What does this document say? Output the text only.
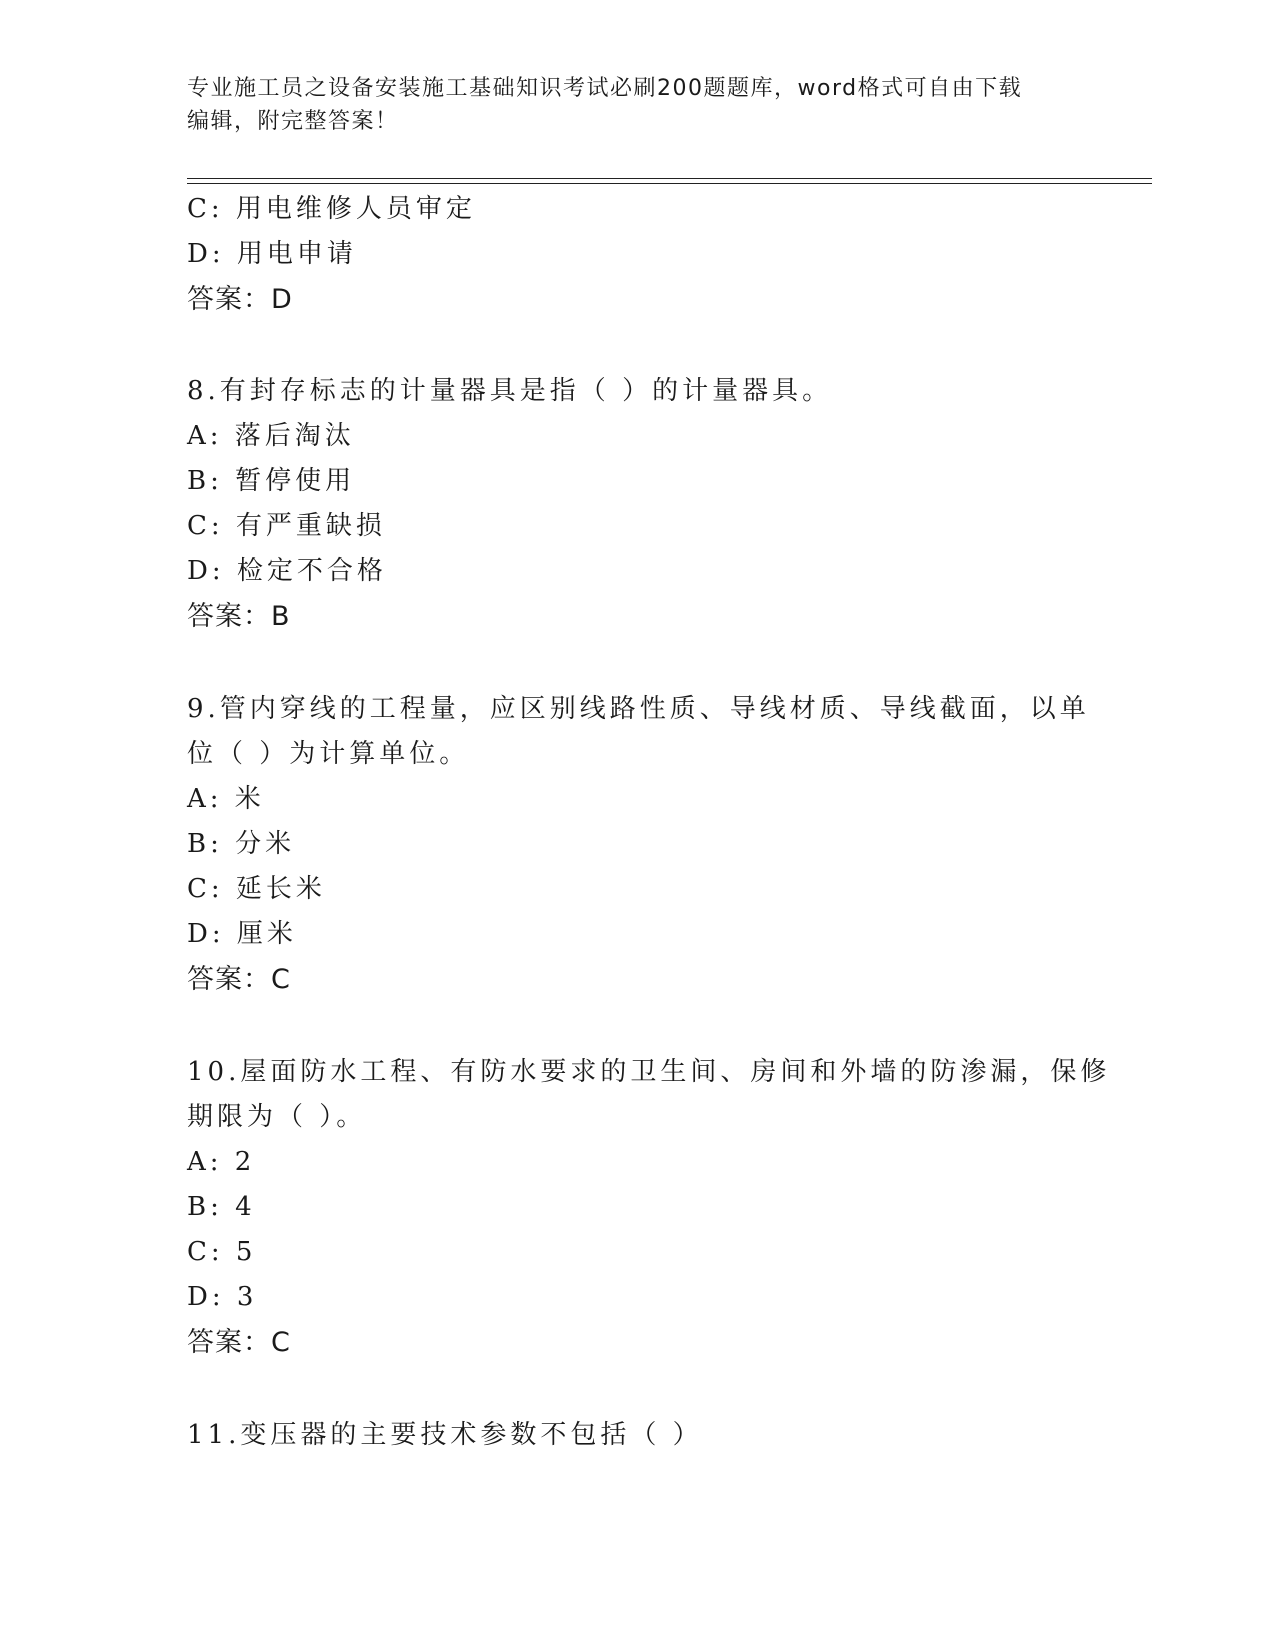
专业施工员之设备安装施工基础知识考试必刷200题题库，word格式可自由下载
编辑，附完整答案！
C: 用电维修人员审定
D: 用电申请
答案：D
8.有封存标志的计量器具是指（ ）的计量器具。
A: 落后淘汰
B: 暂停使用
C: 有严重缺损
D: 检定不合格
答案：B
9.管内穿线的工程量，应区别线路性质、导线材质、导线截面，以单
位（ ）为计算单位。
A: 米
B: 分米
C: 延长米
D: 厘米
答案：C
10.屋面防水工程、有防水要求的卫生间、房间和外墙的防渗漏，保修
期限为（ ）。
A: 2
B: 4
C: 5
D: 3
答案：C
11.变压器的主要技术参数不包括（ ）
